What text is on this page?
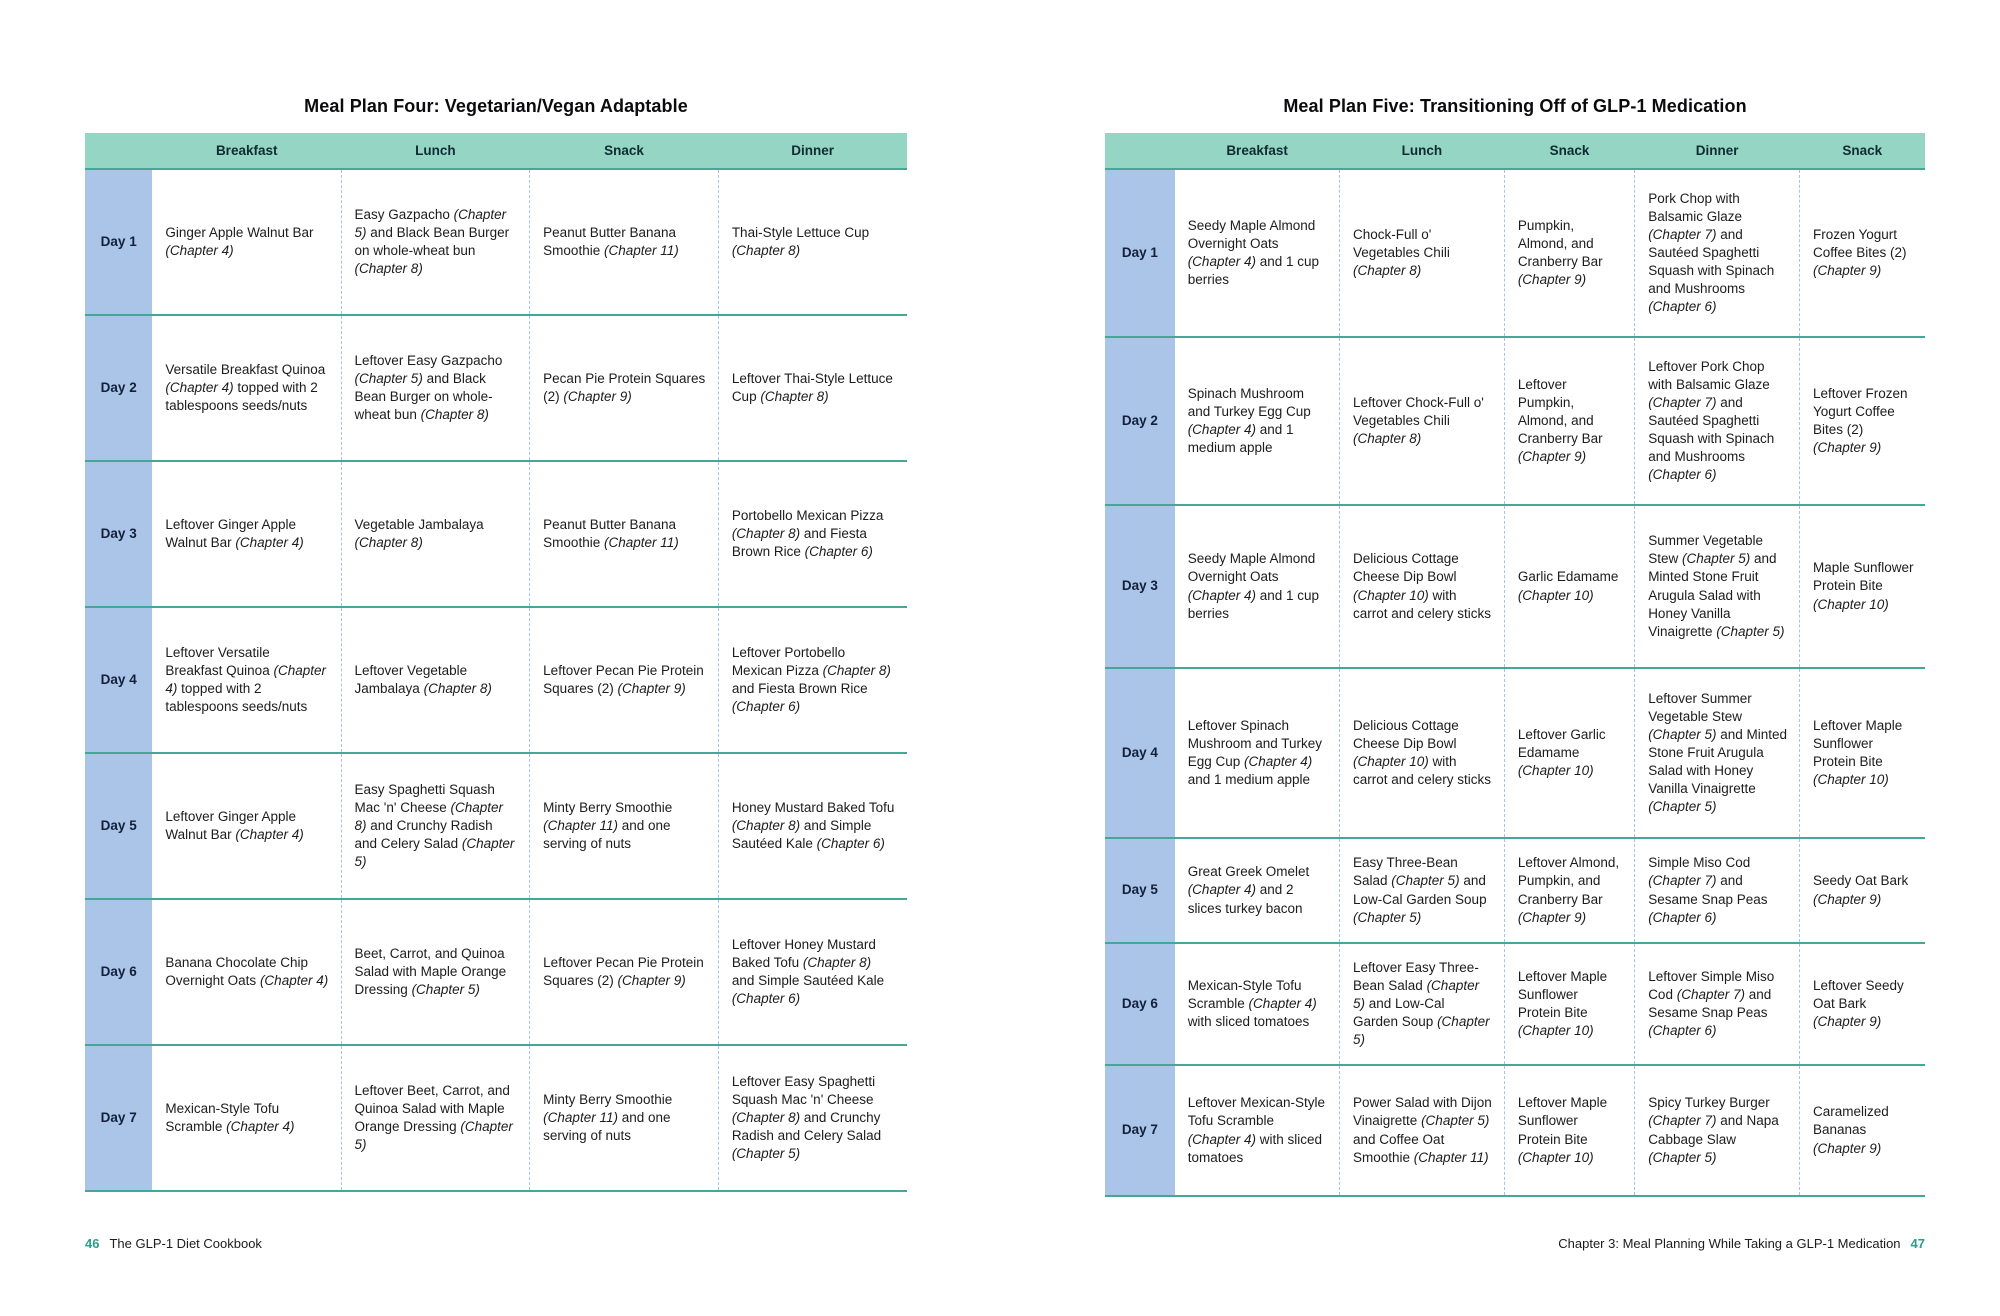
Meal Plan Four: Vegetarian/Vegan Adaptable
	Breakfast	Lunch	Snack	Dinner
Day 1	Ginger Apple Walnut Bar (Chapter 4)	Easy Gazpacho (Chapter 5) and Black Bean Burger on whole-wheat bun (Chapter 8)	Peanut Butter Banana Smoothie (Chapter 11)	Thai-Style Lettuce Cup (Chapter 8)
Day 2	Versatile Breakfast Quinoa (Chapter 4) topped with 2 tablespoons seeds/nuts	Leftover Easy Gazpacho (Chapter 5) and Black Bean Burger on whole-wheat bun (Chapter 8)	Pecan Pie Protein Squares (2) (Chapter 9)	Leftover Thai-Style Lettuce Cup (Chapter 8)
Day 3	Leftover Ginger Apple Walnut Bar (Chapter 4)	Vegetable Jambalaya (Chapter 8)	Peanut Butter Banana Smoothie (Chapter 11)	Portobello Mexican Pizza (Chapter 8) and Fiesta Brown Rice (Chapter 6)
Day 4	Leftover Versatile Breakfast Quinoa (Chapter 4) topped with 2 tablespoons seeds/nuts	Leftover Vegetable Jambalaya (Chapter 8)	Leftover Pecan Pie Protein Squares (2) (Chapter 9)	Leftover Portobello Mexican Pizza (Chapter 8) and Fiesta Brown Rice (Chapter 6)
Day 5	Leftover Ginger Apple Walnut Bar (Chapter 4)	Easy Spaghetti Squash Mac 'n' Cheese (Chapter 8) and Crunchy Radish and Celery Salad (Chapter 5)	Minty Berry Smoothie (Chapter 11) and one serving of nuts	Honey Mustard Baked Tofu (Chapter 8) and Simple Sautéed Kale (Chapter 6)
Day 6	Banana Chocolate Chip Overnight Oats (Chapter 4)	Beet, Carrot, and Quinoa Salad with Maple Orange Dressing (Chapter 5)	Leftover Pecan Pie Protein Squares (2) (Chapter 9)	Leftover Honey Mustard Baked Tofu (Chapter 8) and Simple Sautéed Kale (Chapter 6)
Day 7	Mexican-Style Tofu Scramble (Chapter 4)	Leftover Beet, Carrot, and Quinoa Salad with Maple Orange Dressing (Chapter 5)	Minty Berry Smoothie (Chapter 11) and one serving of nuts	Leftover Easy Spaghetti Squash Mac 'n' Cheese (Chapter 8) and Crunchy Radish and Celery Salad (Chapter 5)
Meal Plan Five: Transitioning Off of GLP-1 Medication
	Breakfast	Lunch	Snack	Dinner	Snack
Day 1	Seedy Maple Almond Overnight Oats (Chapter 4) and 1 cup berries	Chock-Full o' Vegetables Chili (Chapter 8)	Pumpkin, Almond, and Cranberry Bar (Chapter 9)	Pork Chop with Balsamic Glaze (Chapter 7) and Sautéed Spaghetti Squash with Spinach and Mushrooms (Chapter 6)	Frozen Yogurt Coffee Bites (2) (Chapter 9)
Day 2	Spinach Mushroom and Turkey Egg Cup (Chapter 4) and 1 medium apple	Leftover Chock-Full o' Vegetables Chili (Chapter 8)	Leftover Pumpkin, Almond, and Cranberry Bar (Chapter 9)	Leftover Pork Chop with Balsamic Glaze (Chapter 7) and Sautéed Spaghetti Squash with Spinach and Mushrooms (Chapter 6)	Leftover Frozen Yogurt Coffee Bites (2) (Chapter 9)
Day 3	Seedy Maple Almond Overnight Oats (Chapter 4) and 1 cup berries	Delicious Cottage Cheese Dip Bowl (Chapter 10) with carrot and celery sticks	Garlic Edamame (Chapter 10)	Summer Vegetable Stew (Chapter 5) and Minted Stone Fruit Arugula Salad with Honey Vanilla Vinaigrette (Chapter 5)	Maple Sunflower Protein Bite (Chapter 10)
Day 4	Leftover Spinach Mushroom and Turkey Egg Cup (Chapter 4) and 1 medium apple	Delicious Cottage Cheese Dip Bowl (Chapter 10) with carrot and celery sticks	Leftover Garlic Edamame (Chapter 10)	Leftover Summer Vegetable Stew (Chapter 5) and Minted Stone Fruit Arugula Salad with Honey Vanilla Vinaigrette (Chapter 5)	Leftover Maple Sunflower Protein Bite (Chapter 10)
Day 5	Great Greek Omelet (Chapter 4) and 2 slices turkey bacon	Easy Three-Bean Salad (Chapter 5) and Low-Cal Garden Soup (Chapter 5)	Leftover Almond, Pumpkin, and Cranberry Bar (Chapter 9)	Simple Miso Cod (Chapter 7) and Sesame Snap Peas (Chapter 6)	Seedy Oat Bark (Chapter 9)
Day 6	Mexican-Style Tofu Scramble (Chapter 4) with sliced tomatoes	Leftover Easy Three-Bean Salad (Chapter 5) and Low-Cal Garden Soup (Chapter 5)	Leftover Maple Sunflower Protein Bite (Chapter 10)	Leftover Simple Miso Cod (Chapter 7) and Sesame Snap Peas (Chapter 6)	Leftover Seedy Oat Bark (Chapter 9)
Day 7	Leftover Mexican-Style Tofu Scramble (Chapter 4) with sliced tomatoes	Power Salad with Dijon Vinaigrette (Chapter 5) and Coffee Oat Smoothie (Chapter 11)	Leftover Maple Sunflower Protein Bite (Chapter 10)	Spicy Turkey Burger (Chapter 7) and Napa Cabbage Slaw (Chapter 5)	Caramelized Bananas (Chapter 9)
46 The GLP-1 Diet Cookbook	Chapter 3: Meal Planning While Taking a GLP-1 Medication 47
